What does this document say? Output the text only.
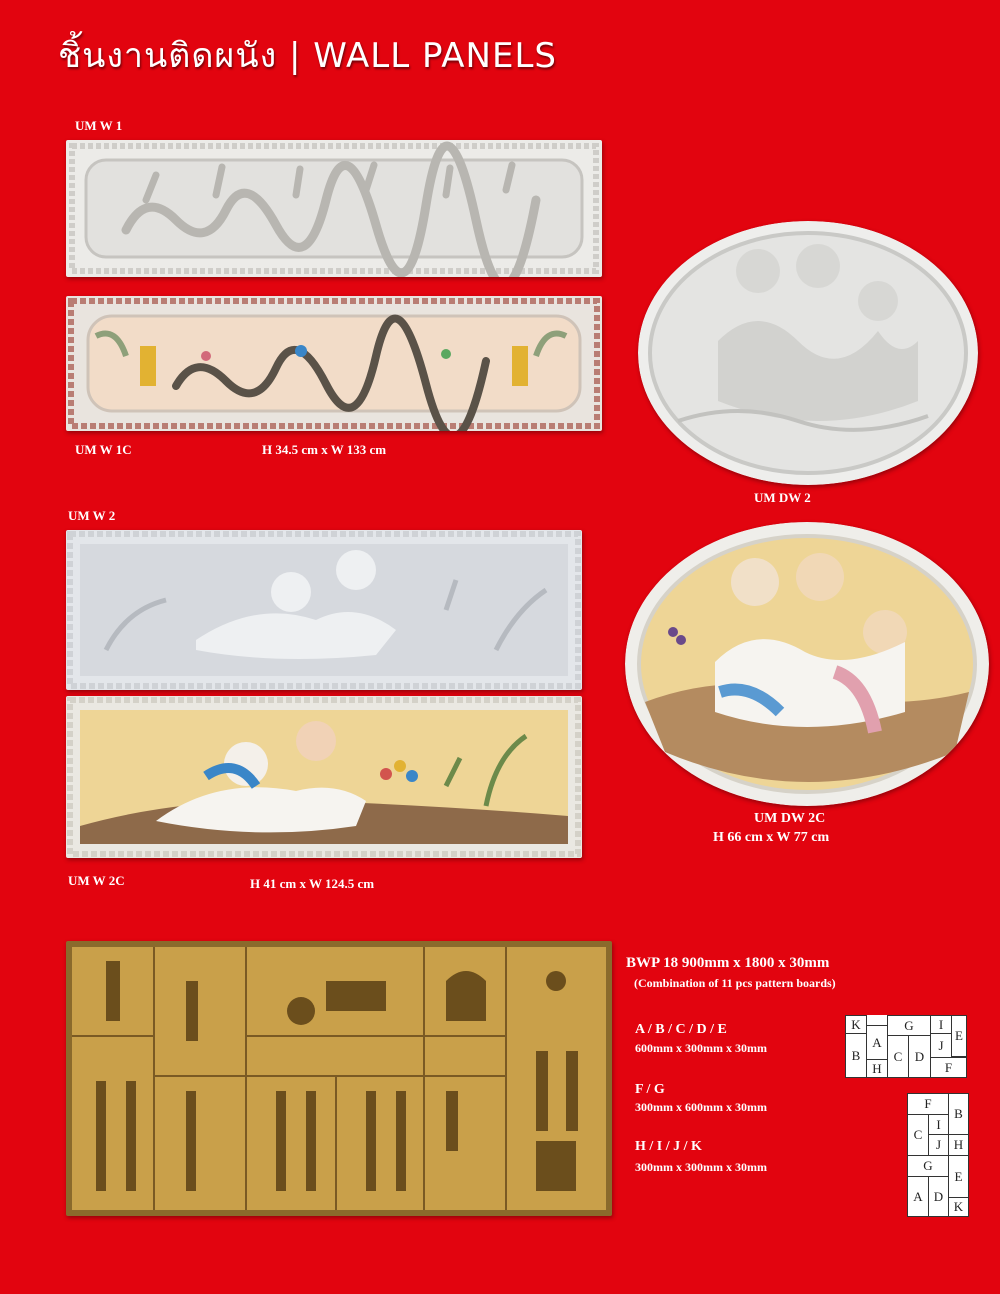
ชิ้นงานติดผนัง | WALL PANELS
UM W 1
UM W 1C	H 34.5 cm x W 133 cm
UM DW 2
UM W 2
UM W 2C	H 41 cm x W 124.5 cm
UM DW 2C
H 66 cm x W 77 cm
BWP 18 900mm x 1800 x 30mm
(Combination of 11 pcs pattern boards)
A / B / C / D / E
600mm x 300mm x 30mm
F / G
300mm x 600mm x 30mm
H / I / J / K
300mm x 300mm x 30mm
K
A
G	I
E
B	C D
J
H	F
F
B
I
C
J H
G
E
A D
K
